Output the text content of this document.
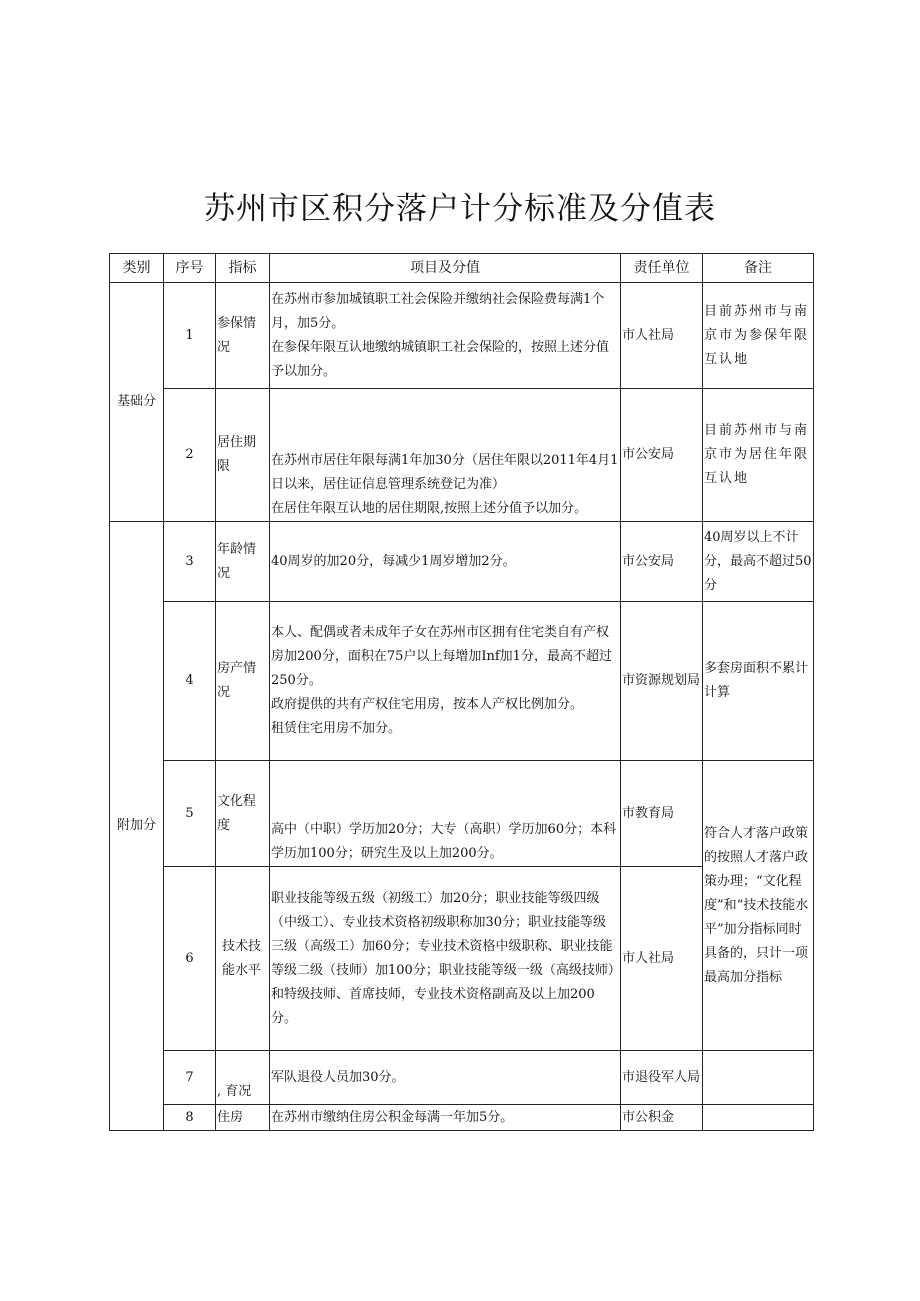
苏州市区积分落户计分标准及分值表
类别	序号	指标	项目及分值	责任单位	备注
基础分	1	参保情况	在苏州市参加城镇职工社会保险并缴纳社会保险费每满1个月，加5分。
在参保年限互认地缴纳城镇职工社会保险的，按照上述分值予以加分。	市人社局	目前苏州市与南京市为参保年限互认地
	2	居住期限	在苏州市居住年限每满1年加30分（居住年限以2011年4月1日以来，居住证信息管理系统登记为准）
在居住年限互认地的居住期限,按照上述分值予以加分。	市公安局	目前苏州市与南京市为居住年限互认地
附加分	3	年龄情况	40周岁的加20分，每减少1周岁增加2分。	市公安局	40周岁以上不计分，最高不超过50分
	4	房产情况	本人、配偶或者未成年子女在苏州市区拥有住宅类自有产权房加200分，面积在75户以上每增加Inf加1分，最高不超过250分。
政府提供的共有产权住宅用房，按本人产权比例加分。
租赁住宅用房不加分。	市资源规划局	多套房面积不累计计算
	5	文化程度	高中（中职）学历加20分；大专（高职）学历加60分；本科学历加100分；研究生及以上加200分。	市教育局	符合人才落户政策的按照人才落户政策办理；“文化程度”和“技术技能水平”加分指标同时具备的，只计一项最高加分指标
	6	技术技能水平	职业技能等级五级（初级工）加20分；职业技能等级四级（中级工）、专业技术资格初级职称加30分；职业技能等级三级（高级工）加60分；专业技术资格中级职称、职业技能等级二级（技师）加100分；职业技能等级一级（高级技师）和特级技师、首席技师，专业技术资格副高及以上加200分。	市人社局	
	7	, 育况	军队退役人员加30分。	市退役军人局	
	8	住房	在苏州市缴纳住房公积金每满一年加5分。	市公积金	
